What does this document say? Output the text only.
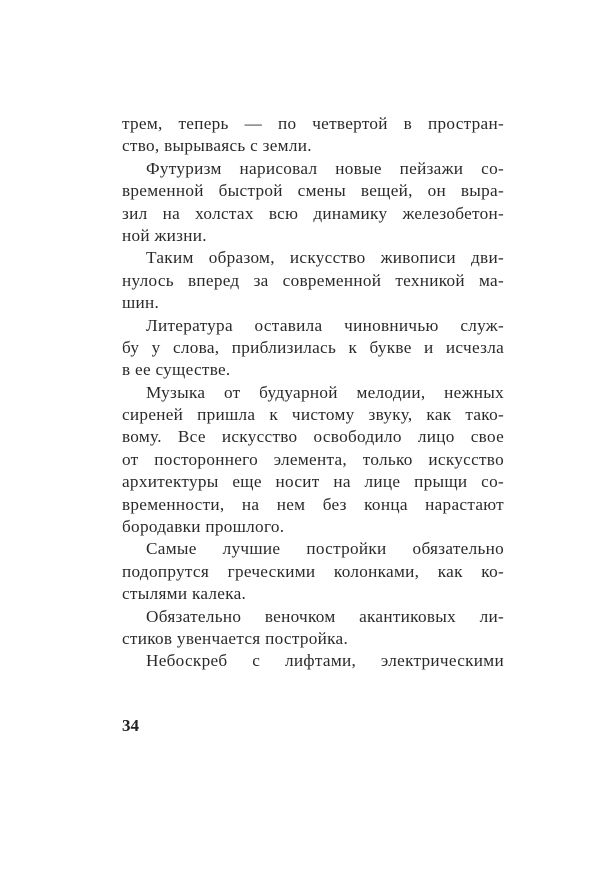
трем, теперь — по четвертой в простран-
ство, вырываясь с земли.
Футуризм нарисовал новые пейзажи со-
временной быстрой смены вещей, он выра-
зил на холстах всю динамику железобетон-
ной жизни.
Таким образом, искусство живописи дви-
нулось вперед за современной техникой ма-
шин.
Литература оставила чиновничью служ-
бу у слова, приблизилась к букве и исчезла
в ее существе.
Музыка от будуарной мелодии, нежных
сиреней пришла к чистому звуку, как тако-
вому. Все искусство освободило лицо свое
от постороннего элемента, только искусство
архитектуры еще носит на лице прыщи со-
временности, на нем без конца нарастают
бородавки прошлого.
Самые лучшие постройки обязательно
подопрутся греческими колонками, как ко-
стылями калека.
Обязательно веночком акантиковых ли-
стиков увенчается постройка.
Небоскреб с лифтами, электрическими
34
